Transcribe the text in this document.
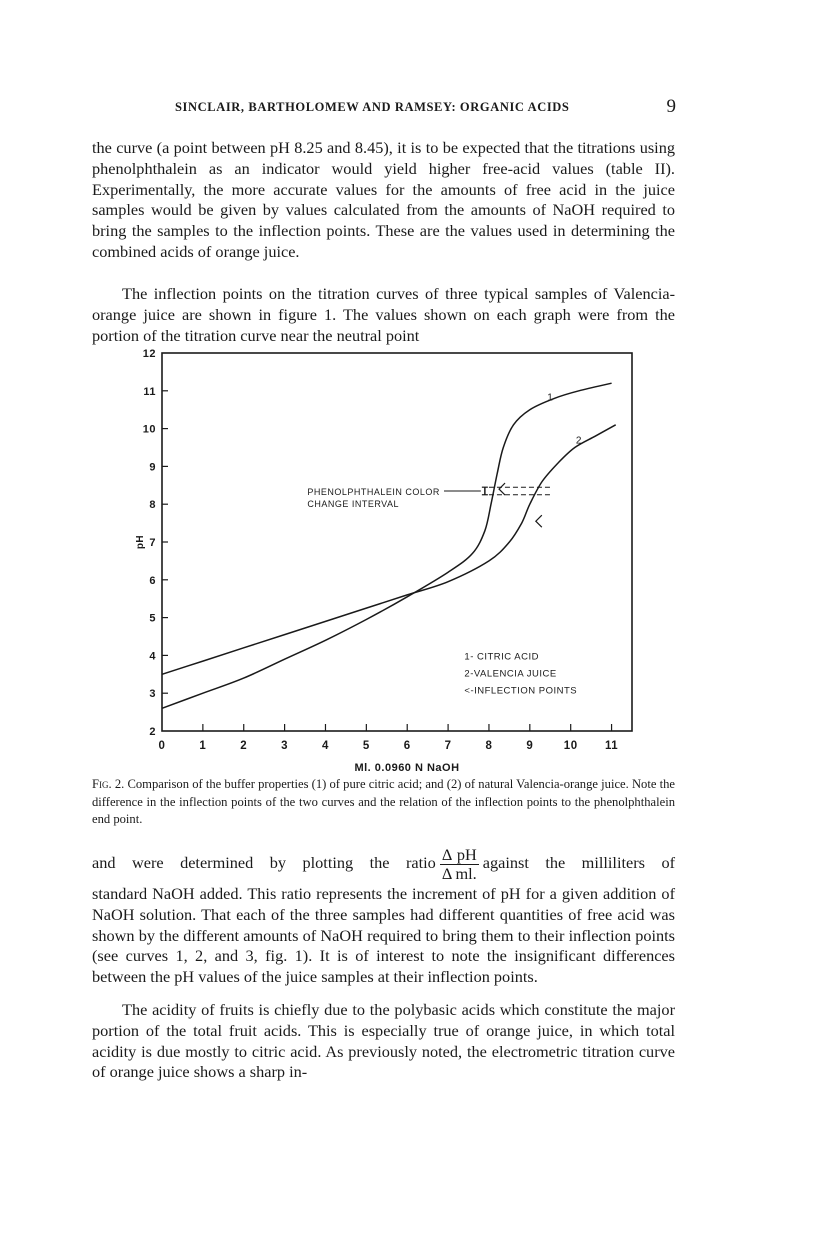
SINCLAIR, BARTHOLOMEW AND RAMSEY: ORGANIC ACIDS	9

the curve (a point between pH 8.25 and 8.45), it is to be expected that the titrations using phenolphthalein as an indicator would yield higher free-acid values (table II). Experimentally, the more accurate values for the amounts of free acid in the juice samples would be given by values calculated from the amounts of NaOH required to bring the samples to the inflection points. These are the values used in determining the combined acids of orange juice.

The inflection points on the titration curves of three typical samples of Valencia-orange juice are shown in figure 1. The values shown on each graph were from the portion of the titration curve near the neutral point

2
3
4
5
6
7
8
9
10
11
12
0	1	2	3	4	5	6	7	8	9	10 11
pH
Ml. 0.0960 N NaOH
1
2
PHENOLPHTHALEIN COLOR
CHANGE INTERVAL
1- CITRIC ACID
2-VALENCIA JUICE
<-INFLECTION POINTS

Fig. 2. Comparison of the buffer properties (1) of pure citric acid; and (2) of natural Valencia-orange juice. Note the difference in the inflection points of the two curves and the relation of the inflection points to the phenolphthalein end point.

and were determined by plotting the ratio $\frac{\text{Δ pH}}{\text{Δ ml.}}$ against the milliliters of
standard NaOH added. This ratio represents the increment of pH for a given addition of NaOH solution. That each of the three samples had different quantities of free acid was shown by the different amounts of NaOH required to bring them to their inflection points (see curves 1, 2, and 3, fig. 1). It is of interest to note the insignificant differences between the pH values of the juice samples at their inflection points.

The acidity of fruits is chiefly due to the polybasic acids which constitute the major portion of the total fruit acids. This is especially true of orange juice, in which total acidity is due mostly to citric acid. As previously noted, the electrometric titration curve of orange juice shows a sharp in-
